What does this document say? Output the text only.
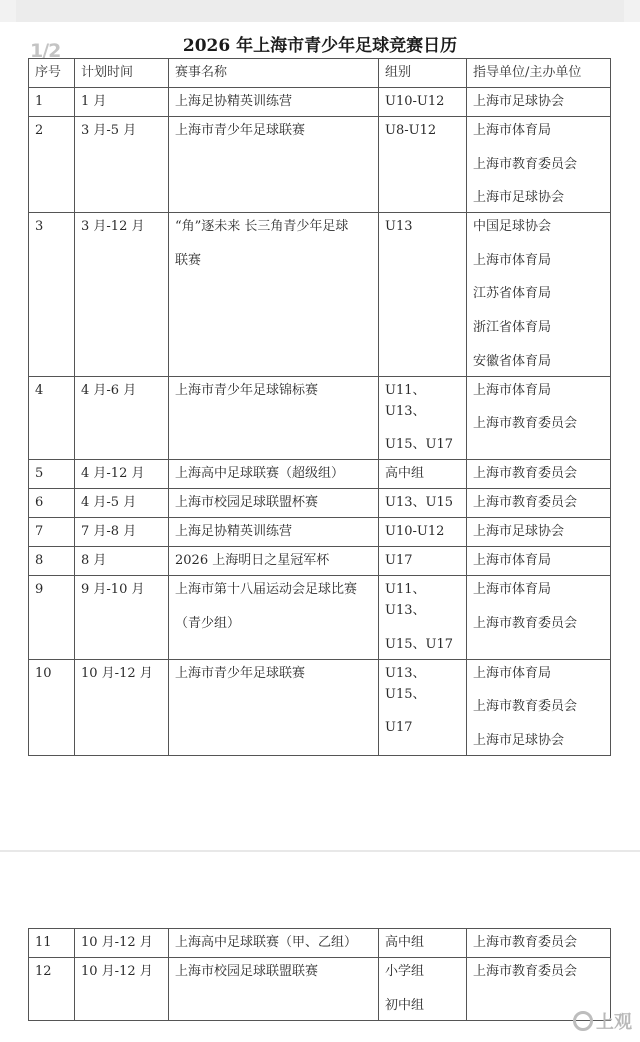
1/2	2026 年上海市青少年足球竞赛日历
序号	计划时间	赛事名称	组别	指导单位/主办单位
1	1 月	上海足协精英训练营	U10-U12	上海市足球协会

2	3 月-5 月	上海市青少年足球联赛	U8-U12	上海市体育局
上海市教育委员会
上海市足球协会

3	3 月-12 月	“角”逐未来 长三角青少年足球
联赛	U13	中国足球协会
上海市体育局
江苏省体育局
浙江省体育局
安徽省体育局

4	4 月-6 月	上海市青少年足球锦标赛	U11、U13、
U15、U17	上海市体育局
上海市教育委员会

5	4 月-12 月	上海高中足球联赛（超级组）	高中组	上海市教育委员会

6	4 月-5 月	上海市校园足球联盟杯赛	U13、U15	上海市教育委员会

7	7 月-8 月	上海足协精英训练营	U10-U12	上海市足球协会

8	8 月	2026 上海明日之星冠军杯	U17	上海市体育局

9	9 月-10 月	上海市第十八届运动会足球比赛
（青少组）	U11、U13、
U15、U17	上海市体育局
上海市教育委员会

10	10 月-12 月	上海市青少年足球联赛	U13、U15、
U17	上海市体育局
上海市教育委员会
上海市足球协会
11	10 月-12 月	上海高中足球联赛（甲、乙组）	高中组	上海市教育委员会

12	10 月-12 月	上海市校园足球联盟联赛	小学组
初中组	上海市教育委员会
上观
